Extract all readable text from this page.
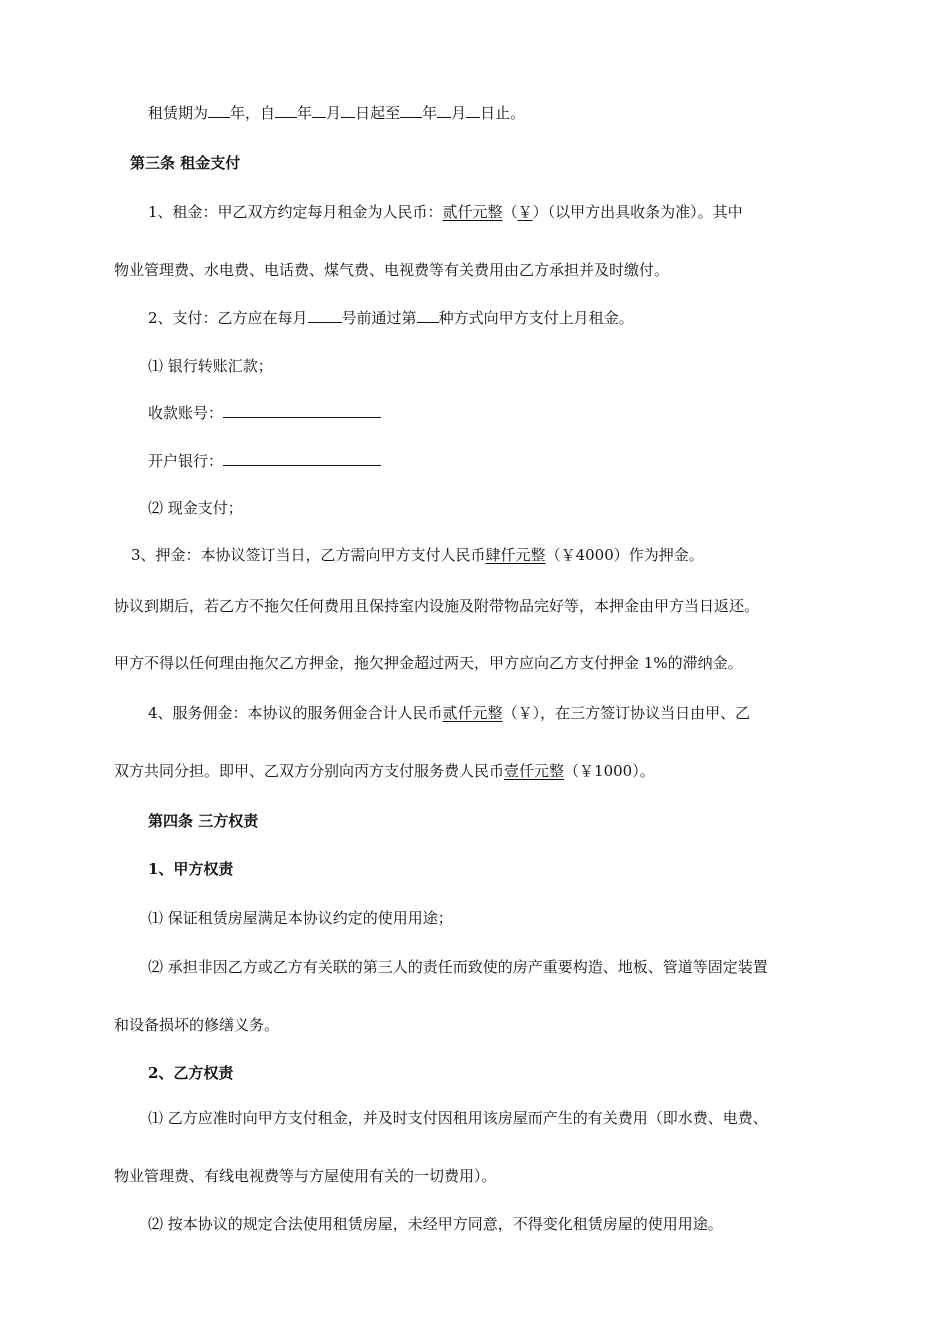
租赁期为 年，自 年 月 日起至 年 月 日止。
第三条 租金支付
1、租金：甲乙双方约定每月租金为人民币：贰仟元整（￥）（以甲方出具收条为准）。其中
物业管理费、水电费、电话费、煤气费、电视费等有关费用由乙方承担并及时缴付。
2、支付：乙方应在每月 号前通过第 种方式向甲方支付上月租金。
⑴ 银行转账汇款；
收款账号：
开户银行：
⑵ 现金支付；
3、押金：本协议签订当日，乙方需向甲方支付人民币肆仟元整（￥4000）作为押金。
协议到期后，若乙方不拖欠任何费用且保持室内设施及附带物品完好等，本押金由甲方当日返还。
甲方不得以任何理由拖欠乙方押金，拖欠押金超过两天，甲方应向乙方支付押金 1%的滞纳金。
4、服务佣金：本协议的服务佣金合计人民币贰仟元整（￥），在三方签订协议当日由甲、乙
双方共同分担。即甲、乙双方分别向丙方支付服务费人民币壹仟元整（￥1000）。
第四条 三方权责
1、甲方权责
⑴ 保证租赁房屋满足本协议约定的使用用途；
⑵ 承担非因乙方或乙方有关联的第三人的责任而致使的房产重要构造、地板、管道等固定装置
和设备损坏的修缮义务。
2、乙方权责
⑴ 乙方应准时向甲方支付租金，并及时支付因租用该房屋而产生的有关费用（即水费、电费、
物业管理费、有线电视费等与方屋使用有关的一切费用）。
⑵ 按本协议的规定合法使用租赁房屋，未经甲方同意，不得变化租赁房屋的使用用途。
